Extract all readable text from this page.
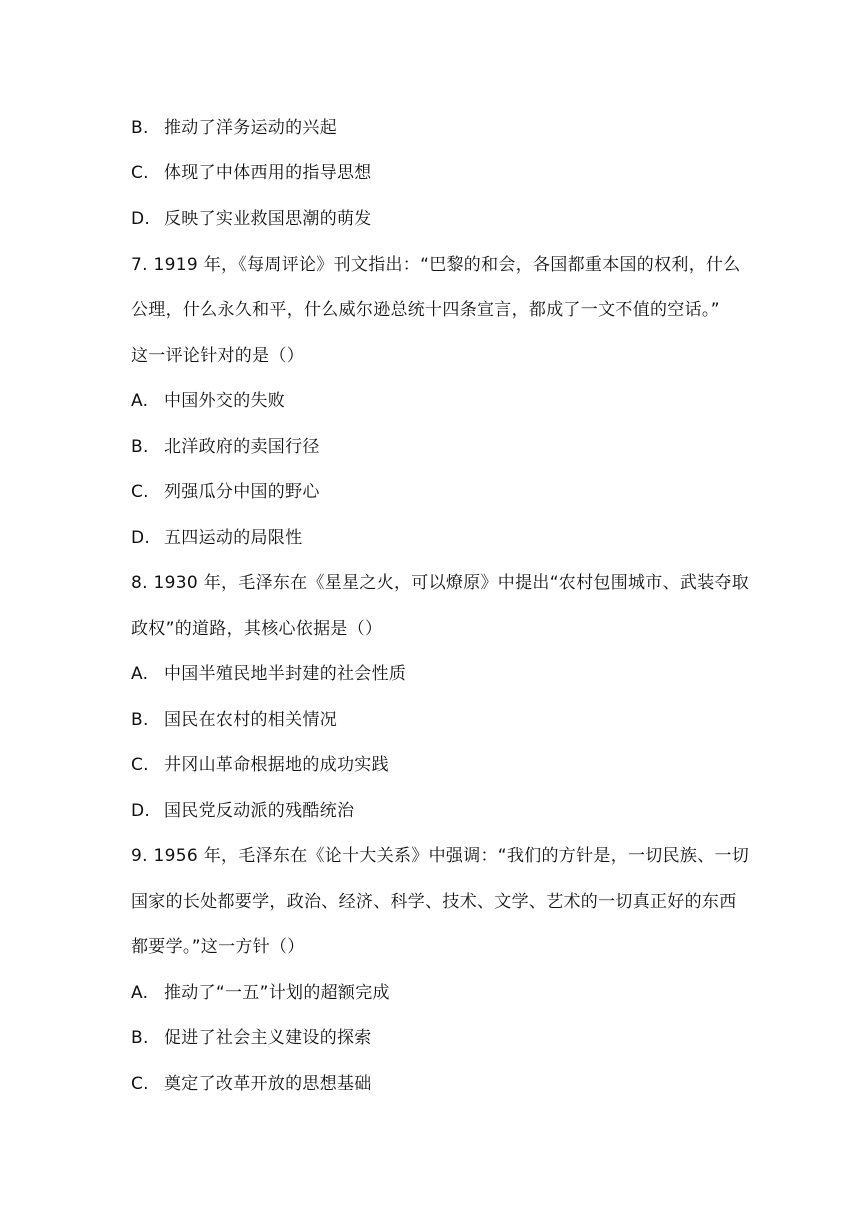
B. 推动了洋务运动的兴起
C. 体现了中体西用的指导思想
D. 反映了实业救国思潮的萌发
7. 1919 年，《每周评论》刊文指出：“巴黎的和会，各国都重本国的权利，什么
公理，什么永久和平，什么威尔逊总统十四条宣言，都成了一文不值的空话。”
这一评论针对的是（）
A. 中国外交的失败
B. 北洋政府的卖国行径
C. 列强瓜分中国的野心
D. 五四运动的局限性
8. 1930 年，毛泽东在《星星之火，可以燎原》中提出“农村包围城市、武装夺取
政权”的道路，其核心依据是（）
A. 中国半殖民地半封建的社会性质
B. 国民在农村的相关情况
C. 井冈山革命根据地的成功实践
D. 国民党反动派的残酷统治
9. 1956 年，毛泽东在《论十大关系》中强调：“我们的方针是，一切民族、一切
国家的长处都要学，政治、经济、科学、技术、文学、艺术的一切真正好的东西
都要学。”这一方针（）
A. 推动了“一五”计划的超额完成
B. 促进了社会主义建设的探索
C. 奠定了改革开放的思想基础
